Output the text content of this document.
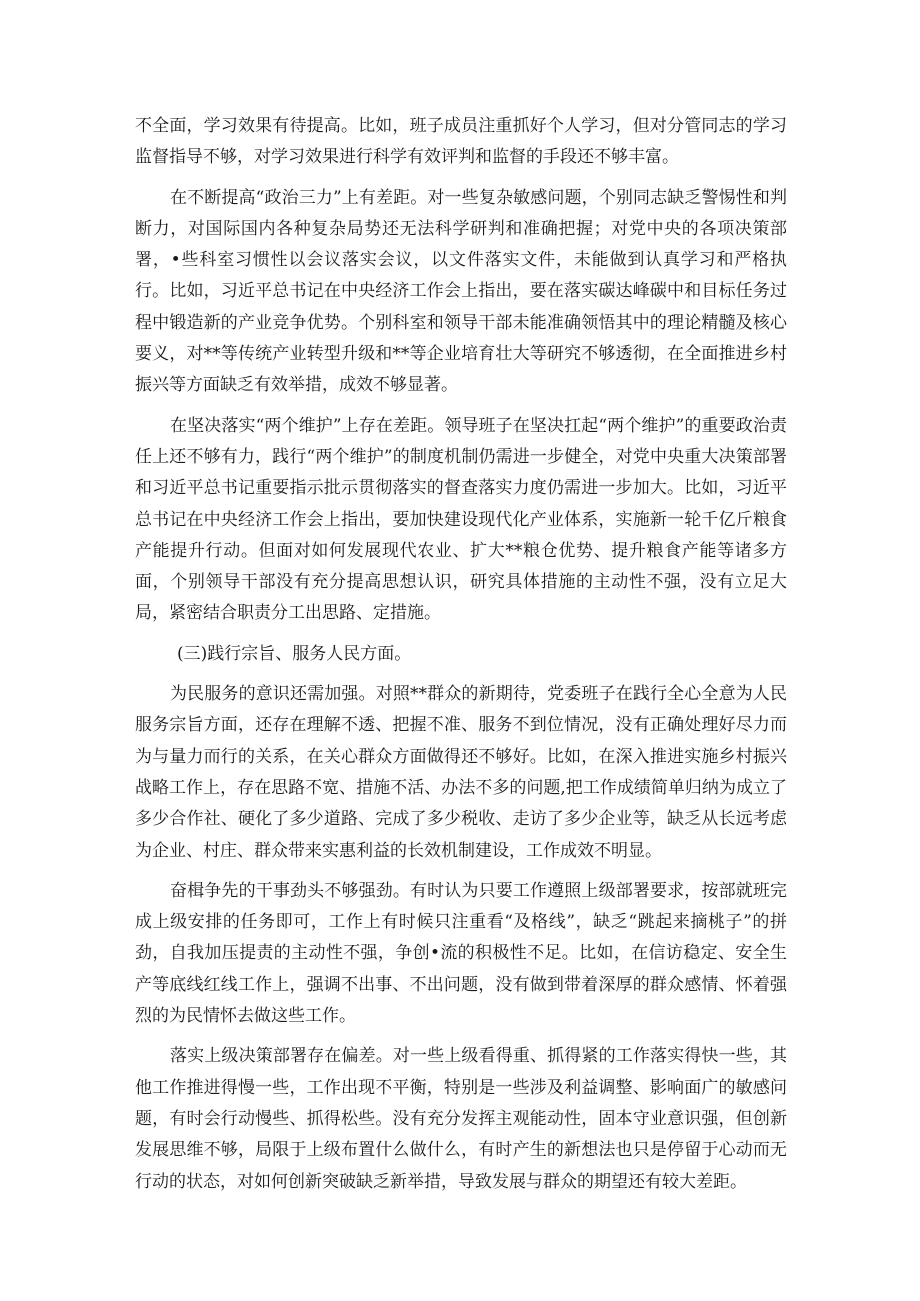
不全面，学习效果有待提高。比如，班子成员注重抓好个人学习，但对分管同志的学习监督指导不够，对学习效果进行科学有效评判和监督的手段还不够丰富。

在不断提高“政治三力”上有差距。对一些复杂敏感问题，个别同志缺乏警惕性和判断力，对国际国内各种复杂局势还无法科学研判和准确把握；对党中央的各项决策部署，•些科室习惯性以会议落实会议，以文件落实文件，未能做到认真学习和严格执行。比如，习近平总书记在中央经济工作会上指出，要在落实碳达峰碳中和目标任务过程中锻造新的产业竞争优势。个别科室和领导干部未能准确领悟其中的理论精髓及核心要义，对**等传统产业转型升级和**等企业培育壮大等研究不够透彻，在全面推进乡村振兴等方面缺乏有效举措，成效不够显著。

在坚决落实“两个维护”上存在差距。领导班子在坚决扛起“两个维护”的重要政治责任上还不够有力，践行“两个维护”的制度机制仍需进一步健全，对党中央重大决策部署和习近平总书记重要指示批示贯彻落实的督查落实力度仍需进一步加大。比如，习近平总书记在中央经济工作会上指出，要加快建设现代化产业体系，实施新一轮千亿斤粮食产能提升行动。但面对如何发展现代农业、扩大**粮仓优势、提升粮食产能等诸多方面，个别领导干部没有充分提高思想认识，研究具体措施的主动性不强，没有立足大局，紧密结合职责分工出思路、定措施。

(三)践行宗旨、服务人民方面。

为民服务的意识还需加强。对照**群众的新期待，党委班子在践行全心全意为人民服务宗旨方面，还存在理解不透、把握不准、服务不到位情况，没有正确处理好尽力而为与量力而行的关系，在关心群众方面做得还不够好。比如，在深入推进实施乡村振兴战略工作上，存在思路不宽、措施不活、办法不多的问题,把工作成绩简单归纳为成立了多少合作社、硬化了多少道路、完成了多少税收、走访了多少企业等，缺乏从长远考虑为企业、村庄、群众带来实惠利益的长效机制建设，工作成效不明显。

奋楫争先的干事劲头不够强劲。有时认为只要工作遵照上级部署要求，按部就班完成上级安排的任务即可，工作上有时候只注重看“及格线”，缺乏“跳起来摘桃子”的拼劲，自我加压提责的主动性不强，争创•流的积极性不足。比如，在信访稳定、安全生产等底线红线工作上，强调不出事、不出问题，没有做到带着深厚的群众感情、怀着强烈的为民情怀去做这些工作。

落实上级决策部署存在偏差。对一些上级看得重、抓得紧的工作落实得快一些，其他工作推进得慢一些，工作出现不平衡，特别是一些涉及利益调整、影响面广的敏感问题，有时会行动慢些、抓得松些。没有充分发挥主观能动性，固本守业意识强，但创新发展思维不够，局限于上级布置什么做什么，有时产生的新想法也只是停留于心动而无行动的状态，对如何创新突破缺乏新举措，导致发展与群众的期望还有较大差距。
